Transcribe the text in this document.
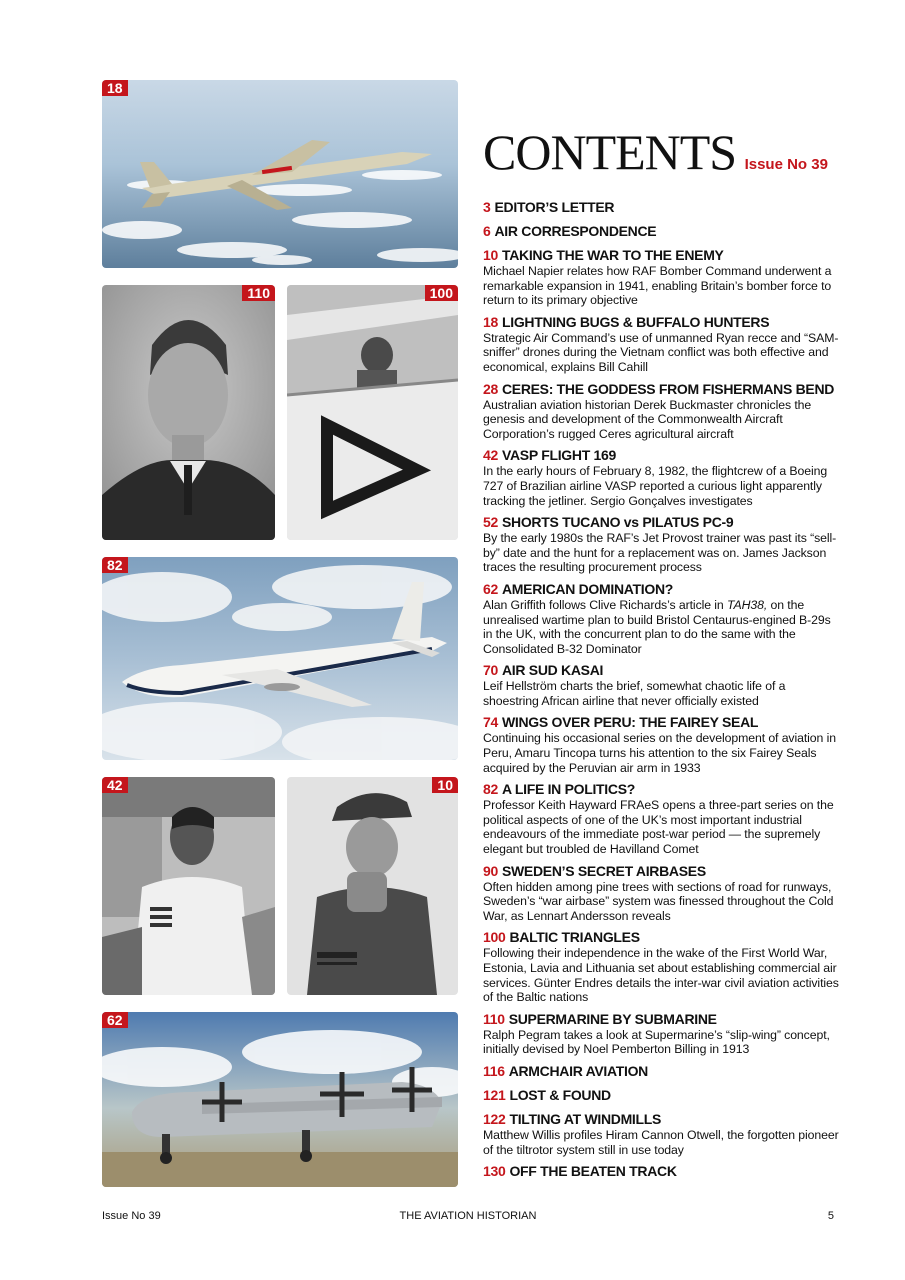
18
110	100
82
42	10
62
CONTENTS Issue No 39
3 EDITOR’S LETTER
6 AIR CORRESPONDENCE
10 TAKING THE WAR TO THE ENEMY
Michael Napier relates how RAF Bomber Command underwent a remarkable expansion in 1941, enabling Britain’s bomber force to return to its primary objective
18 LIGHTNING BUGS & BUFFALO HUNTERS
Strategic Air Command’s use of unmanned Ryan recce and “SAM-sniffer” drones during the Vietnam conflict was both effective and economical, explains Bill Cahill
28 CERES: THE GODDESS FROM FISHERMANS BEND
Australian aviation historian Derek Buckmaster chronicles the genesis and development of the Commonwealth Aircraft Corporation’s rugged Ceres agricultural aircraft
42 VASP FLIGHT 169
In the early hours of February 8, 1982, the flightcrew of a Boeing 727 of Brazilian airline VASP reported a curious light apparently tracking the jetliner. Sergio Gonçalves investigates
52 SHORTS TUCANO vs PILATUS PC-9
By the early 1980s the RAF’s Jet Provost trainer was past its “sell-by” date and the hunt for a replacement was on. James Jackson traces the resulting procurement process
62 AMERICAN DOMINATION?
Alan Griffith follows Clive Richards’s article in TAH38, on the unrealised wartime plan to build Bristol Centaurus-engined B-29s in the UK, with the concurrent plan to do the same with the Consolidated B-32 Dominator
70 AIR SUD KASAI
Leif Hellström charts the brief, somewhat chaotic life of a shoestring African airline that never officially existed
74 WINGS OVER PERU: THE FAIREY SEAL
Continuing his occasional series on the development of aviation in Peru, Amaru Tincopa turns his attention to the six Fairey Seals acquired by the Peruvian air arm in 1933
82 A LIFE IN POLITICS?
Professor Keith Hayward FRAeS opens a three-part series on the political aspects of one of the UK’s most important industrial endeavours of the immediate post-war period — the supremely elegant but troubled de Havilland Comet
90 SWEDEN’S SECRET AIRBASES
Often hidden among pine trees with sections of road for runways, Sweden’s “war airbase” system was finessed throughout the Cold War, as Lennart Andersson reveals
100 BALTIC TRIANGLES
Following their independence in the wake of the First World War, Estonia, Lavia and Lithuania set about establishing commercial air services. Günter Endres details the inter-war civil aviation activities of the Baltic nations
110 SUPERMARINE BY SUBMARINE
Ralph Pegram takes a look at Supermarine’s “slip-wing” concept, initially devised by Noel Pemberton Billing in 1913
116 ARMCHAIR AVIATION
121 LOST & FOUND
122 TILTING AT WINDMILLS
Matthew Willis profiles Hiram Cannon Otwell, the forgotten pioneer of the tiltrotor system still in use today
130 OFF THE BEATEN TRACK
Issue No 39	THE AVIATION HISTORIAN	5
